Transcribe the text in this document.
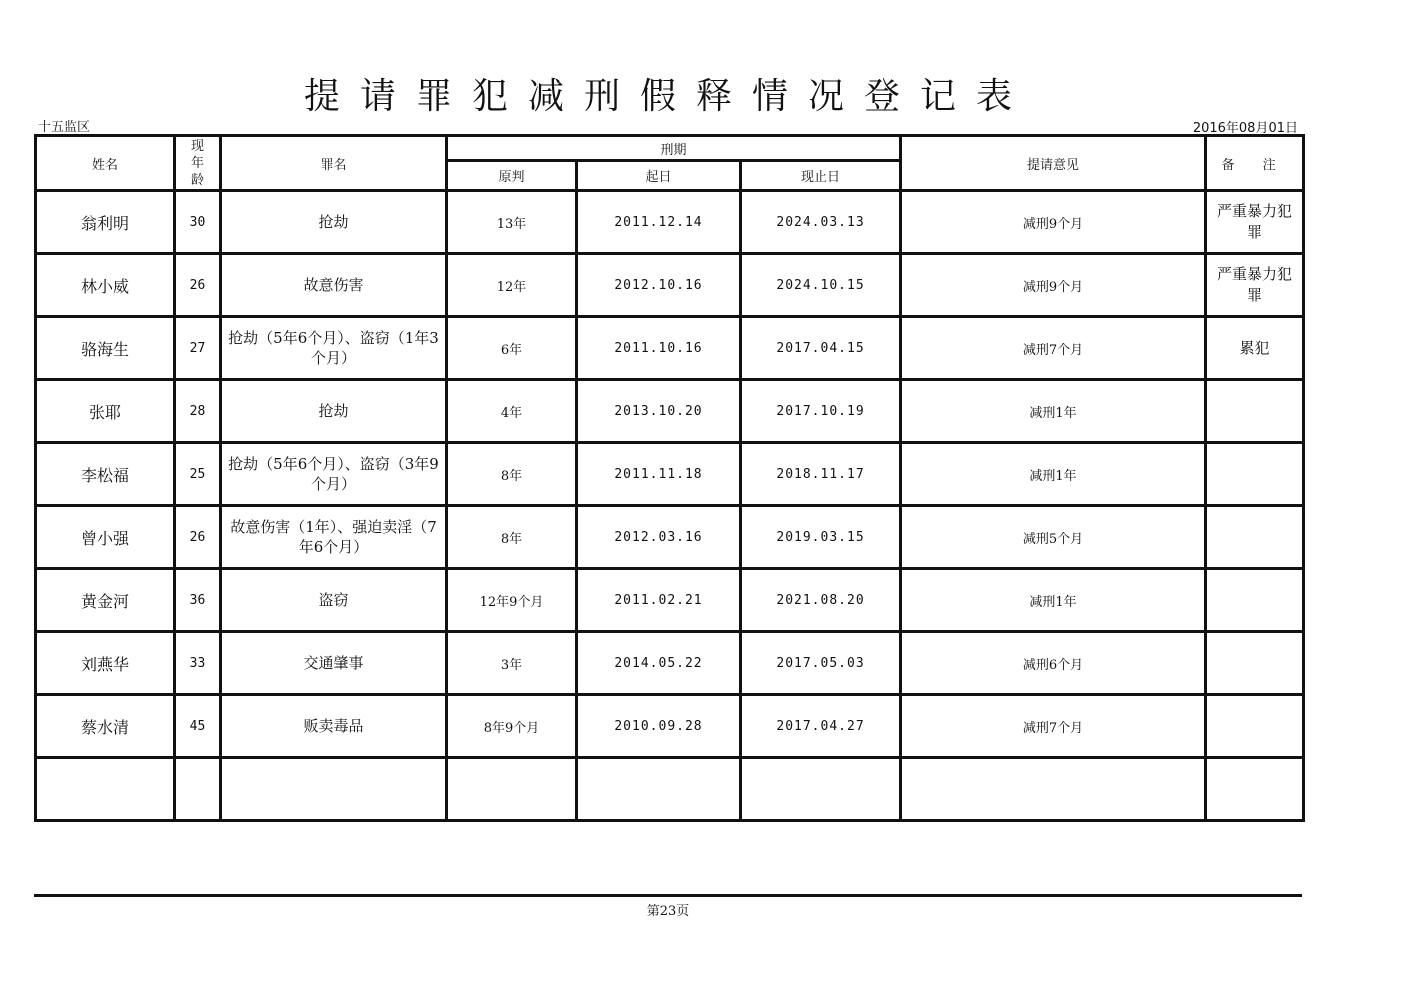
提请罪犯减刑假释情况登记表
十五监区	2016年08月01日
姓名	现年龄	罪名	刑期			提请意见	备 注
			原判	起日	现止日		
翁利明	30	抢劫	13年	2011.12.14	2024.03.13	减刑9个月	严重暴力犯罪
林小威	26	故意伤害	12年	2012.10.16	2024.10.15	减刑9个月	严重暴力犯罪
骆海生	27	抢劫（5年6个月）、盗窃（1年3个月）	6年	2011.10.16	2017.04.15	减刑7个月	累犯
张耶	28	抢劫	4年	2013.10.20	2017.10.19	减刑1年	
李松福	25	抢劫（5年6个月）、盗窃（3年9个月）	8年	2011.11.18	2018.11.17	减刑1年	
曾小强	26	故意伤害（1年）、强迫卖淫（7年6个月）	8年	2012.03.16	2019.03.15	减刑5个月	
黄金河	36	盗窃	12年9个月	2011.02.21	2021.08.20	减刑1年	
刘燕华	33	交通肇事	3年	2014.05.22	2017.05.03	减刑6个月	
蔡水清	45	贩卖毒品	8年9个月	2010.09.28	2017.04.27	减刑7个月	

第23页
